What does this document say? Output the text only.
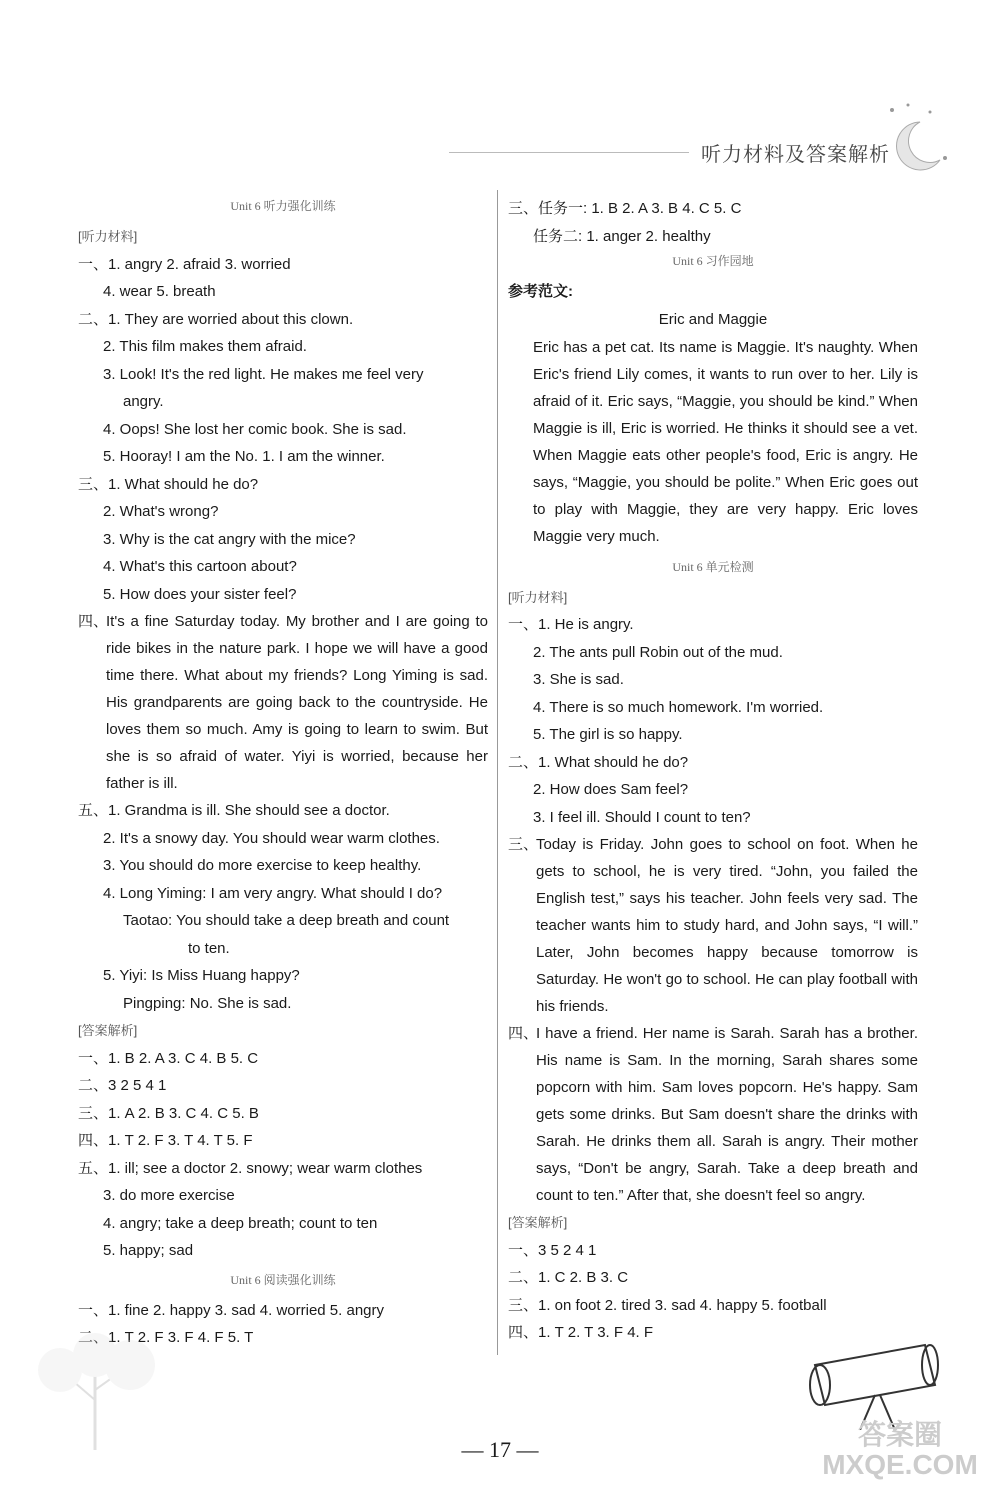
听力材料及答案解析
Unit 6 听力强化训练
[听力材料]
一、1. angry 2. afraid 3. worried
4. wear 5. breath
二、1. They are worried about this clown.
2. This film makes them afraid.
3. Look! It's the red light. He makes me feel very
angry.
4. Oops! She lost her comic book. She is sad.
5. Hooray! I am the No. 1. I am the winner.
三、1. What should he do?
2. What's wrong?
3. Why is the cat angry with the mice?
4. What's this cartoon about?
5. How does your sister feel?
四、
It's a fine Saturday today. My brother and I are going to ride bikes in the nature park. I hope we will have a good time there. What about my friends? Long Yiming is sad. His grandparents are going back to the countryside. He loves them so much. Amy is going to learn to swim. But she is so afraid of water. Yiyi is worried, because her father is ill.
五、1. Grandma is ill. She should see a doctor.
2. It's a snowy day. You should wear warm clothes.
3. You should do more exercise to keep healthy.
4. Long Yiming: I am very angry. What should I do?
Taotao: You should take a deep breath and count
to ten.
5. Yiyi: Is Miss Huang happy?
Pingping: No. She is sad.
[答案解析]
一、1. B 2. A 3. C 4. B 5. C
二、3 2 5 4 1
三、1. A 2. B 3. C 4. C 5. B
四、1. T 2. F 3. T 4. T 5. F
五、1. ill; see a doctor 2. snowy; wear warm clothes
3. do more exercise
4. angry; take a deep breath; count to ten
5. happy; sad
Unit 6 阅读强化训练
一、1. fine 2. happy 3. sad 4. worried 5. angry
二、1. T 2. F 3. F 4. F 5. T
三、任务一: 1. B 2. A 3. B 4. C 5. C
任务二: 1. anger 2. healthy
Unit 6 习作园地
参考范文:
Eric and Maggie
Eric has a pet cat. Its name is Maggie. It's naughty. When Eric's friend Lily comes, it wants to run over to her. Lily is afraid of it. Eric says, “Maggie, you should be kind.” When Maggie is ill, Eric is worried. He thinks it should see a vet. When Maggie eats other people's food, Eric is angry. He says, “Maggie, you should be polite.” When Eric goes out to play with Maggie, they are very happy. Eric loves Maggie very much.
Unit 6 单元检测
[听力材料]
一、1. He is angry.
2. The ants pull Robin out of the mud.
3. She is sad.
4. There is so much homework. I'm worried.
5. The girl is so happy.
二、1. What should he do?
2. How does Sam feel?
3. I feel ill. Should I count to ten?
三、
Today is Friday. John goes to school on foot. When he gets to school, he is very tired. “John, you failed the English test,” says his teacher. John feels very sad. The teacher wants him to study hard, and John says, “I will.” Later, John becomes happy because tomorrow is Saturday. He won't go to school. He can play football with his friends.
四、
I have a friend. Her name is Sarah. Sarah has a brother. His name is Sam. In the morning, Sarah shares some popcorn with him. Sam loves popcorn. He's happy. Sam gets some drinks. But Sam doesn't share the drinks with Sarah. He drinks them all. Sarah is angry. Their mother says, “Don't be angry, Sarah. Take a deep breath and count to ten.” After that, she doesn't feel so angry.
[答案解析]
一、3 5 2 4 1
二、1. C 2. B 3. C
三、1. on foot 2. tired 3. sad 4. happy 5. football
四、1. T 2. T 3. F 4. F
答案圈
MXQE.COM
— 17 —
